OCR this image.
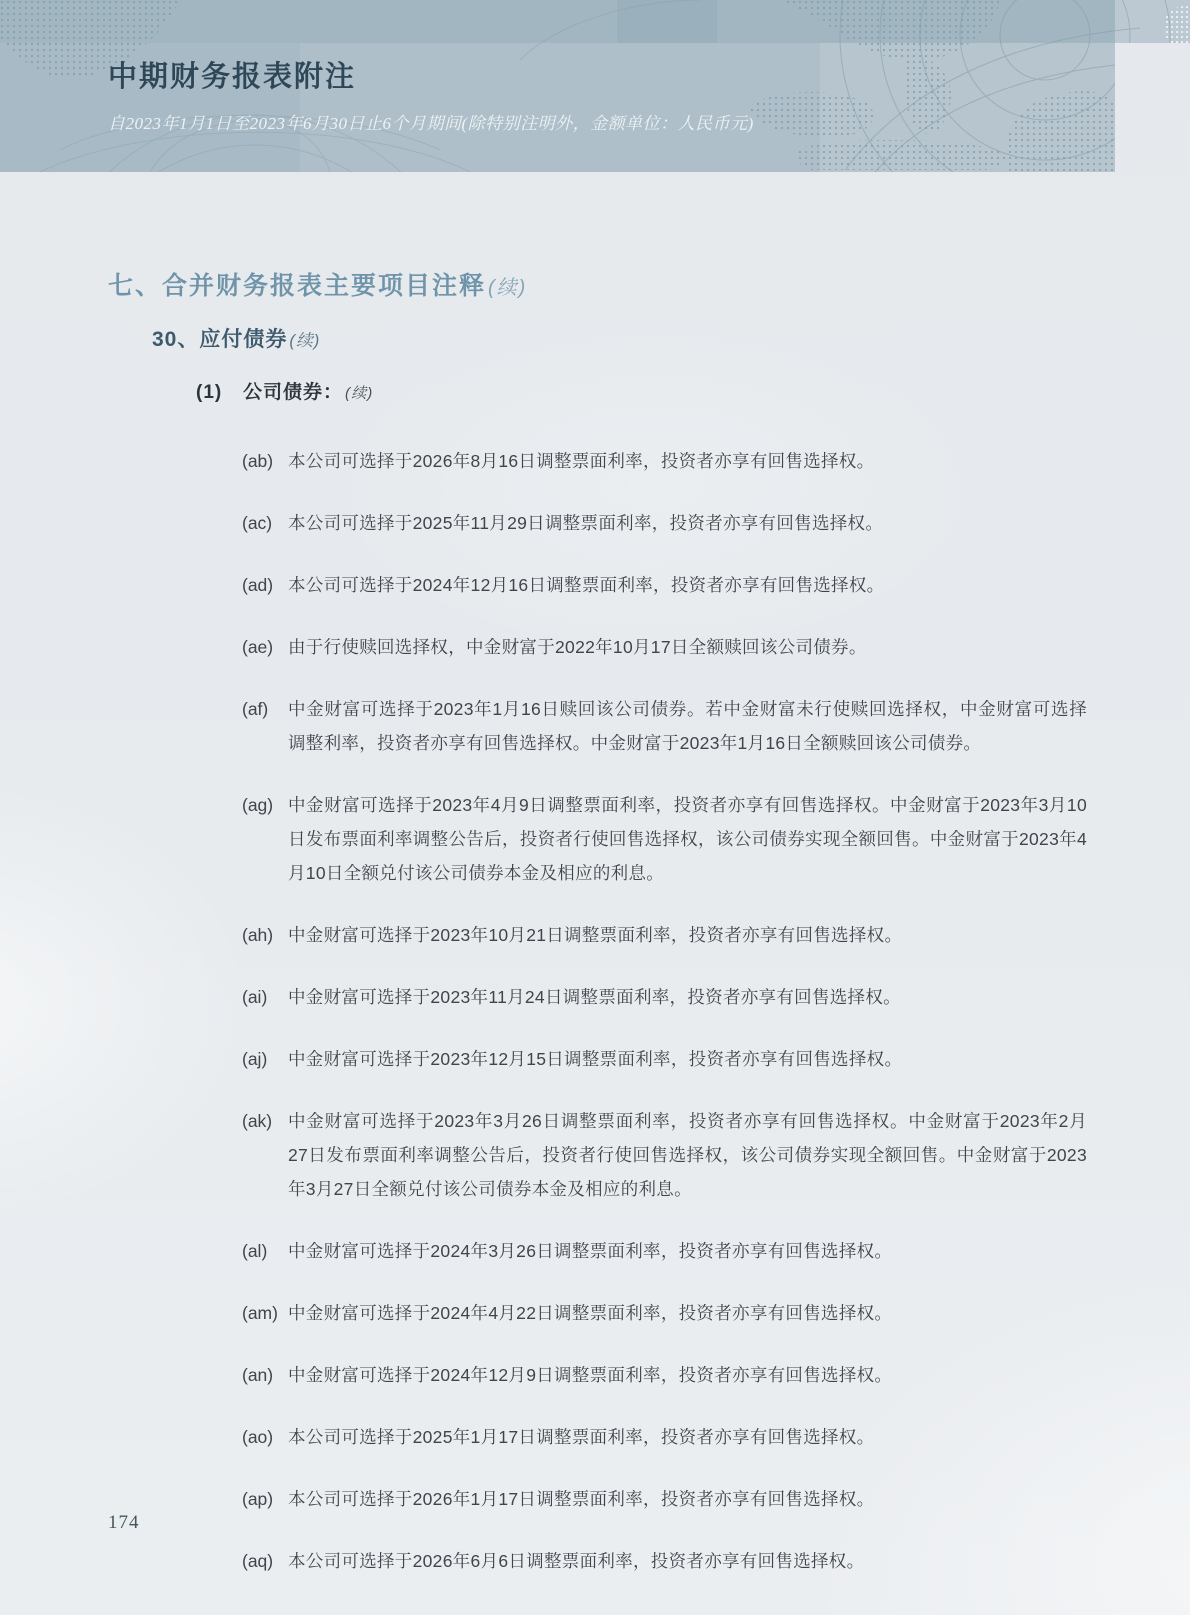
中期财务报表附注

自2023年1月1日至2023年6月30日止6个月期间(除特别注明外，金额单位：人民币元)

七、合并财务报表主要项目注释 (续)
30、应付债券 (续)
(1) 公司债券： (续)
(ab) 本公司可选择于2026年8月16日调整票面利率，投资者亦享有回售选择权。

(ac) 本公司可选择于2025年11月29日调整票面利率，投资者亦享有回售选择权。

(ad) 本公司可选择于2024年12月16日调整票面利率，投资者亦享有回售选择权。

(ae) 由于行使赎回选择权，中金财富于2022年10月17日全额赎回该公司债券。

(af)	中金财富可选择于2023年1月16日赎回该公司债券。若中金财富未行使赎回选择权，中金财富可选择调整利率，投资者亦享有回售选择权。中金财富于2023年1月16日全额赎回该公司债券。

(ag) 中金财富可选择于2023年4月9日调整票面利率，投资者亦享有回售选择权。中金财富于2023年3月10日发布票面利率调整公告后，投资者行使回售选择权，该公司债券实现全额回售。中金财富于2023年4月10日全额兑付该公司债券本金及相应的利息。

(ah) 中金财富可选择于2023年10月21日调整票面利率，投资者亦享有回售选择权。

(ai)	中金财富可选择于2023年11月24日调整票面利率，投资者亦享有回售选择权。

(aj)	中金财富可选择于2023年12月15日调整票面利率，投资者亦享有回售选择权。

(ak) 中金财富可选择于2023年3月26日调整票面利率，投资者亦享有回售选择权。中金财富于2023年2月27日发布票面利率调整公告后，投资者行使回售选择权，该公司债券实现全额回售。中金财富于2023年3月27日全额兑付该公司债券本金及相应的利息。

(al)	中金财富可选择于2024年3月26日调整票面利率，投资者亦享有回售选择权。

(am) 中金财富可选择于2024年4月22日调整票面利率，投资者亦享有回售选择权。

(an) 中金财富可选择于2024年12月9日调整票面利率，投资者亦享有回售选择权。

(ao) 本公司可选择于2025年1月17日调整票面利率，投资者亦享有回售选择权。

(ap) 本公司可选择于2026年1月17日调整票面利率，投资者亦享有回售选择权。

(aq) 本公司可选择于2026年6月6日调整票面利率，投资者亦享有回售选择权。

174
